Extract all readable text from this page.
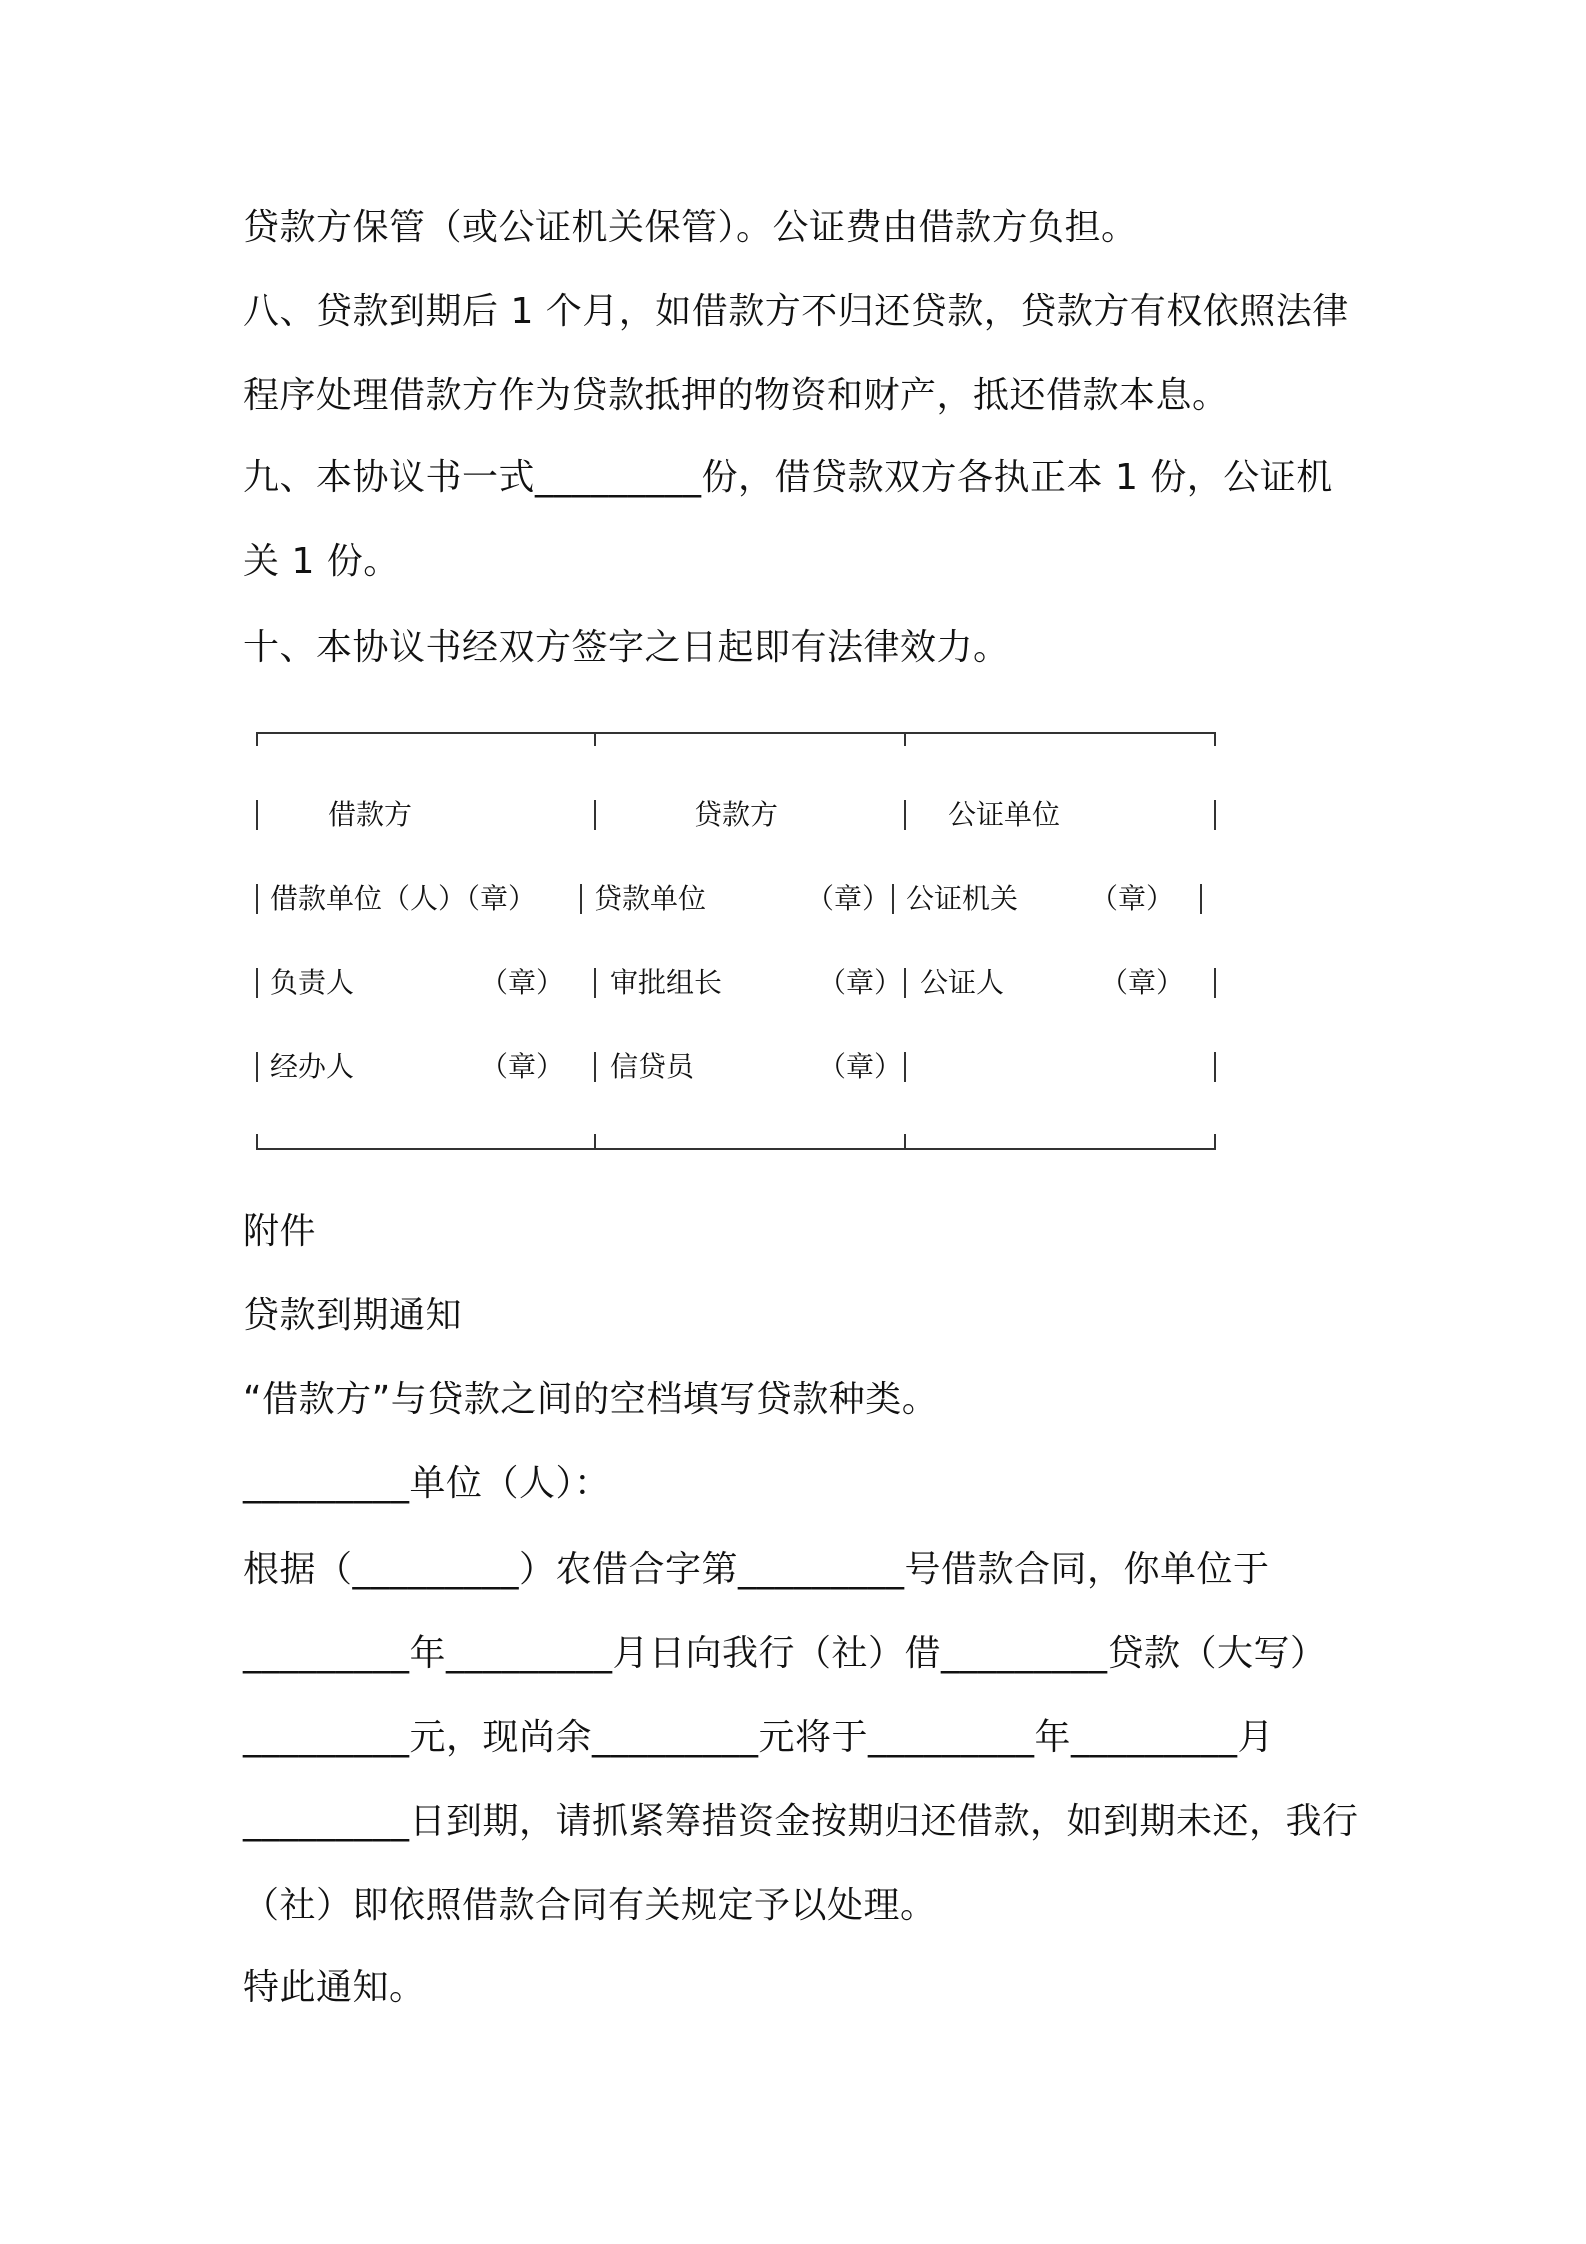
贷款方保管（或公证机关保管）。公证费由借款方负担。
八、贷款到期后 1 个月，如借款方不归还贷款，贷款方有权依照法律程序处理借款方作为贷款抵押的物资和财产，抵还借款本息。
九、本协议书一式_________份，借贷款双方各执正本 1 份，公证机关 1 份。
十、本协议书经双方签字之日起即有法律效力。
借款方	贷款方	公证单位
借款单位（人）（章） 贷款单位	（章） 公证机关	（章）
负责人	（章） 审批组长	（章） 公证人	（章）
经办人	（章） 信贷员	（章）
附件
贷款到期通知
“借款方”与贷款之间的空档填写贷款种类。
_________单位（人）：
根据（_________）农借合字第_________号借款合同，你单位于_________年_________月日向我行（社）借_________贷款（大写）_________元，现尚余_________元将于_________年_________月_________日到期，请抓紧筹措资金按期归还借款，如到期未还，我行（社）即依照借款合同有关规定予以处理。
特此通知。
